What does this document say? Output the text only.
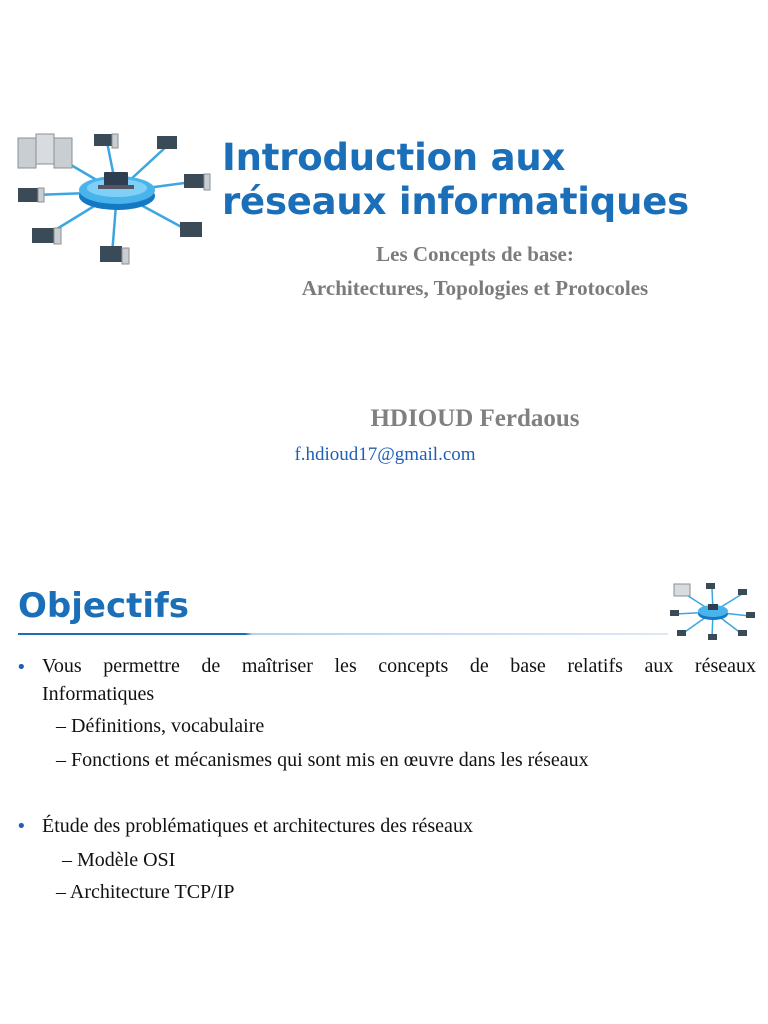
Introduction aux
réseaux informatiques

Les Concepts de base:

Architectures, Topologies et Protocoles

HDIOUD Ferdaous

f.hdioud17@gmail.com
Objectifs
• Vous permettre de maîtriser les concepts de base relatifs aux réseaux

Informatiques

– Définitions, vocabulaire

– Fonctions et mécanismes qui sont mis en œuvre dans les réseaux

• Étude des problématiques et architectures des réseaux

– Modèle OSI

– Architecture TCP/IP
